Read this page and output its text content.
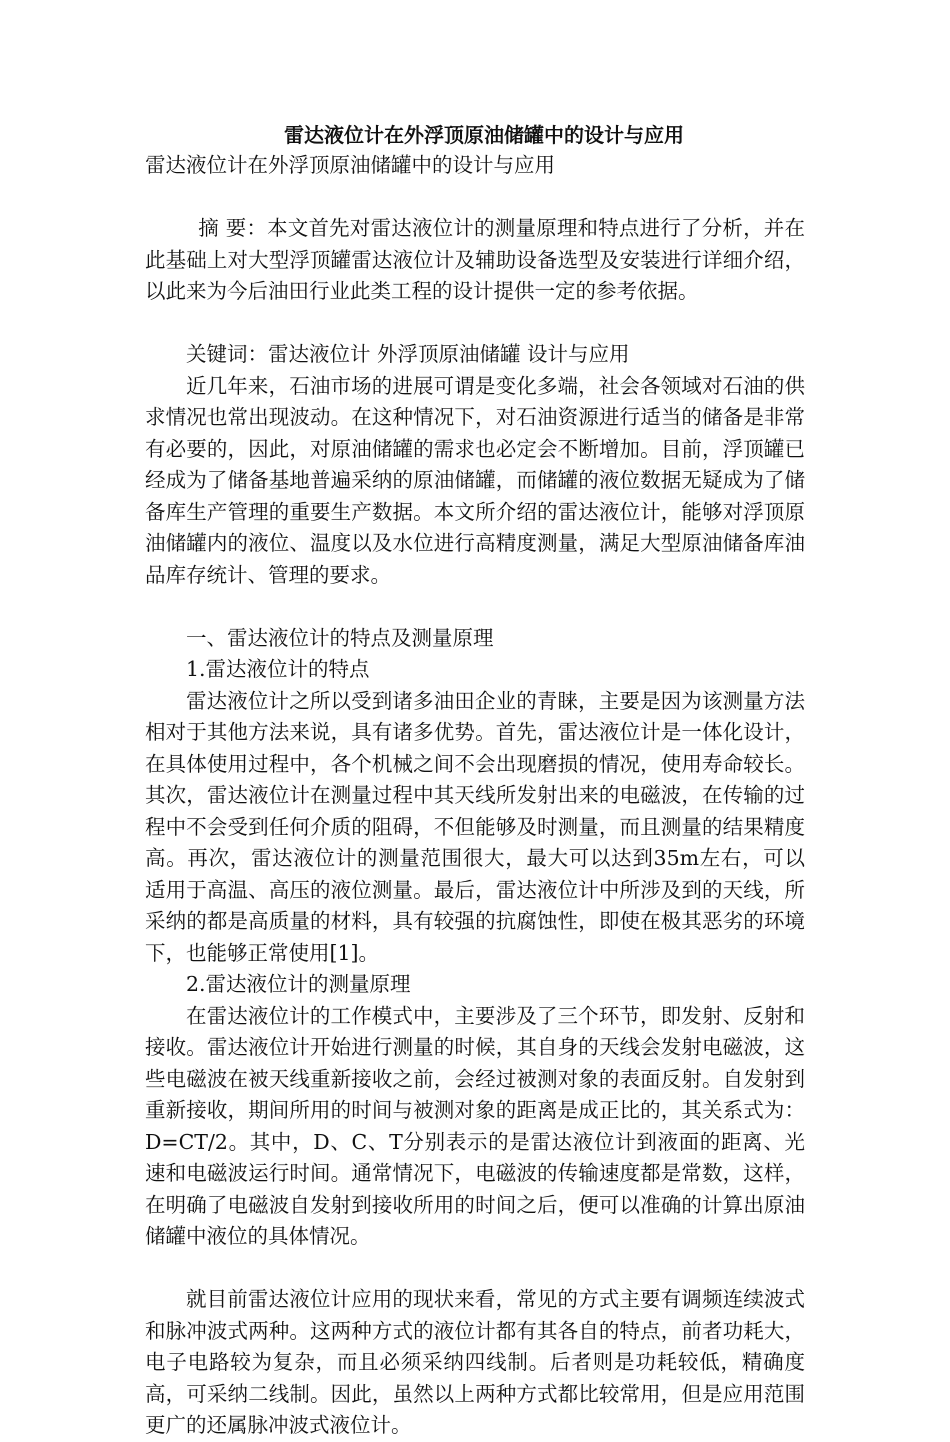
雷达液位计在外浮顶原油储罐中的设计与应用

雷达液位计在外浮顶原油储罐中的设计与应用

摘 要：本文首先对雷达液位计的测量原理和特点进行了分析，并在此基础上对大型浮顶罐雷达液位计及辅助设备选型及安装进行详细介绍，以此来为今后油田行业此类工程的设计提供一定的参考依据。

关键词：雷达液位计 外浮顶原油储罐 设计与应用

近几年来，石油市场的进展可谓是变化多端，社会各领域对石油的供求情况也常出现波动。在这种情况下，对石油资源进行适当的储备是非常有必要的，因此，对原油储罐的需求也必定会不断增加。目前，浮顶罐已经成为了储备基地普遍采纳的原油储罐，而储罐的液位数据无疑成为了储备库生产管理的重要生产数据。本文所介绍的雷达液位计，能够对浮顶原油储罐内的液位、温度以及水位进行高精度测量，满足大型原油储备库油品库存统计、管理的要求。

一、雷达液位计的特点及测量原理

1.雷达液位计的特点

雷达液位计之所以受到诸多油田企业的青睐，主要是因为该测量方法相对于其他方法来说，具有诸多优势。首先，雷达液位计是一体化设计，在具体使用过程中，各个机械之间不会出现磨损的情况，使用寿命较长。其次，雷达液位计在测量过程中其天线所发射出来的电磁波，在传输的过程中不会受到任何介质的阻碍，不但能够及时测量，而且测量的结果精度高。再次，雷达液位计的测量范围很大，最大可以达到35m左右，可以适用于高温、高压的液位测量。最后，雷达液位计中所涉及到的天线，所采纳的都是高质量的材料，具有较强的抗腐蚀性，即使在极其恶劣的环境下，也能够正常使用[1]。

2.雷达液位计的测量原理

在雷达液位计的工作模式中，主要涉及了三个环节，即发射、反射和接收。雷达液位计开始进行测量的时候，其自身的天线会发射电磁波，这些电磁波在被天线重新接收之前，会经过被测对象的表面反射。自发射到重新接收，期间所用的时间与被测对象的距离是成正比的，其关系式为：D=CT/2。其中，D、C、T分别表示的是雷达液位计到液面的距离、光速和电磁波运行时间。通常情况下，电磁波的传输速度都是常数，这样，在明确了电磁波自发射到接收所用的时间之后，便可以准确的计算出原油储罐中液位的具体情况。

就目前雷达液位计应用的现状来看，常见的方式主要有调频连续波式和脉冲波式两种。这两种方式的液位计都有其各自的特点，前者功耗大，电子电路较为复杂，而且必须采纳四线制。后者则是功耗较低，精确度高，可采纳二线制。因此，虽然以上两种方式都比较常用，但是应用范围更广的还属脉冲波式液位计。
